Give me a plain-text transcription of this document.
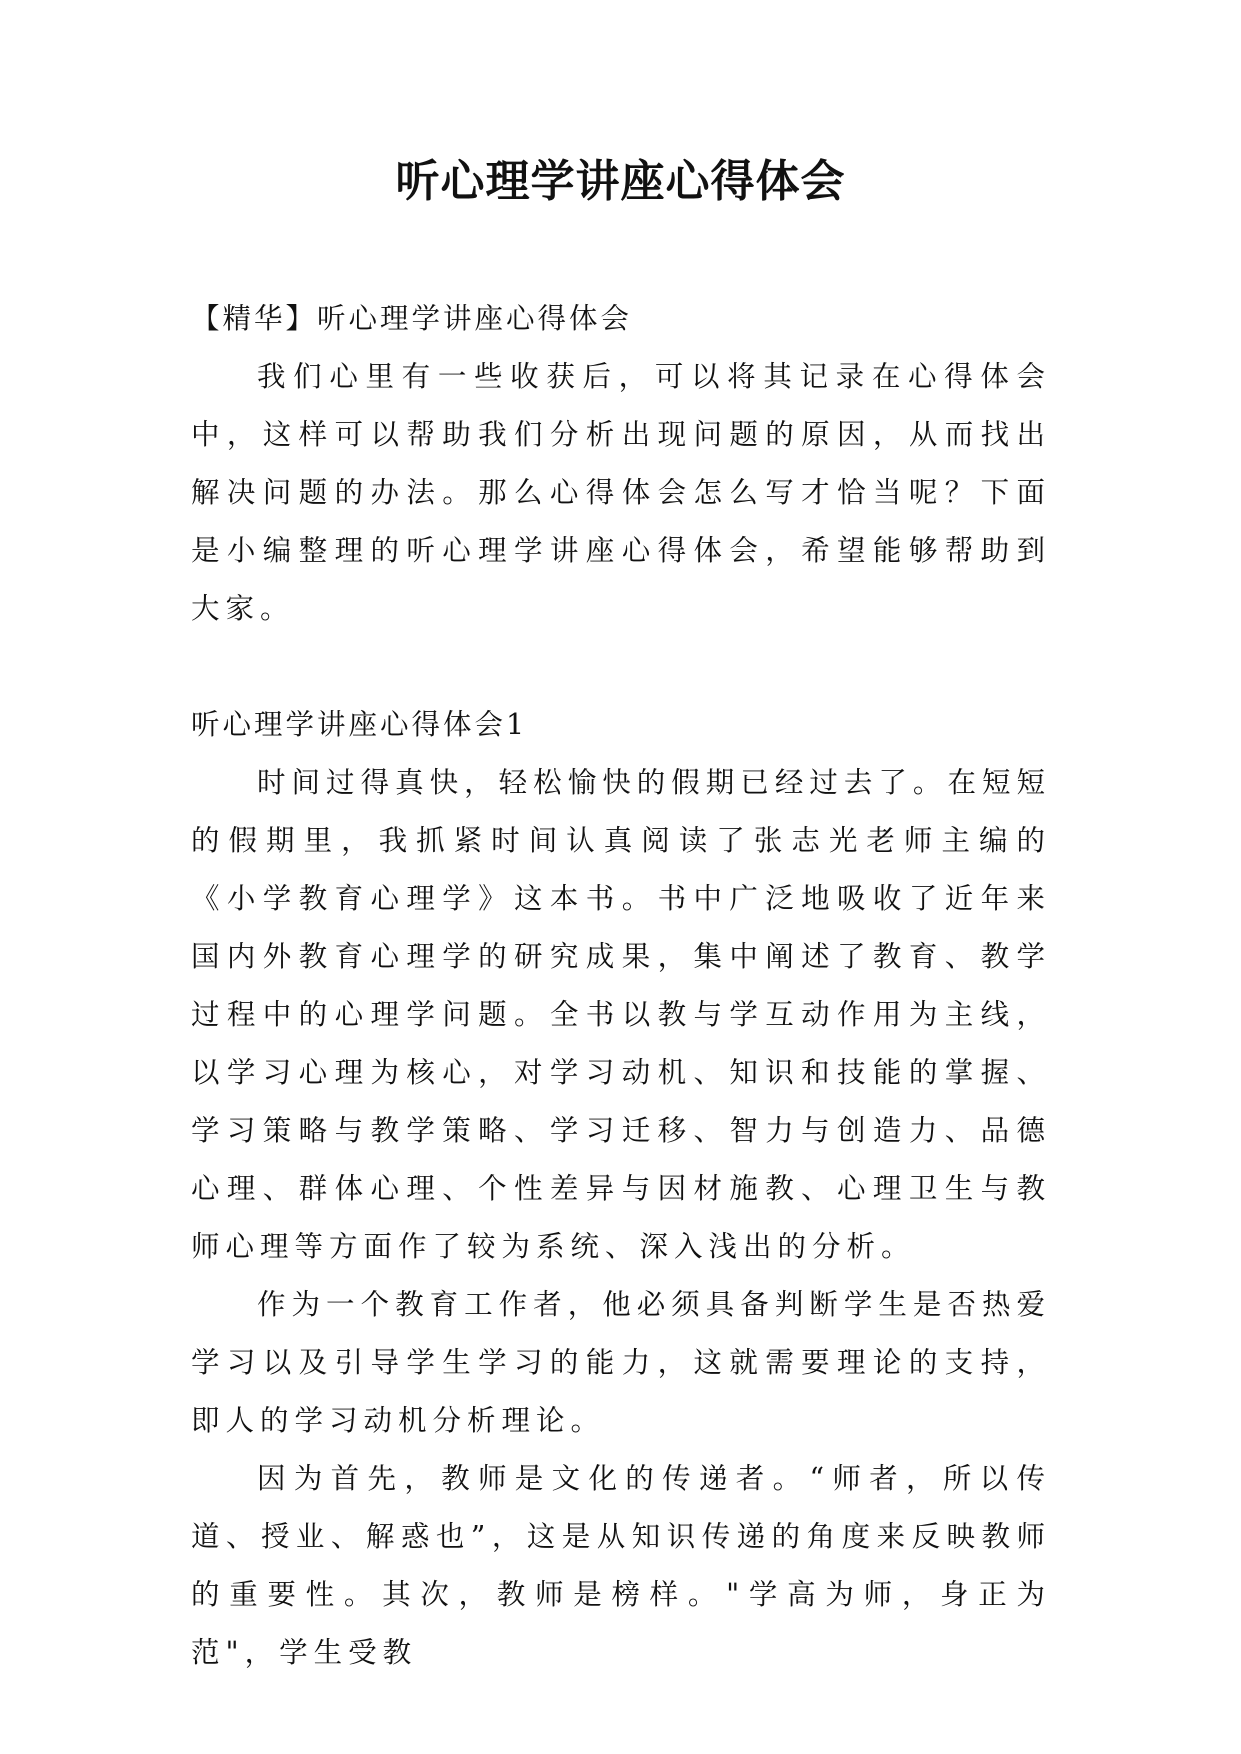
听心理学讲座心得体会

【精华】听心理学讲座心得体会

我们心里有一些收获后，可以将其记录在心得体会中，这样可以帮助我们分析出现问题的原因，从而找出解决问题的办法。那么心得体会怎么写才恰当呢？下面是小编整理的听心理学讲座心得体会，希望能够帮助到大家。

听心理学讲座心得体会1

时间过得真快，轻松愉快的假期已经过去了。在短短的假期里，我抓紧时间认真阅读了张志光老师主编的《小学教育心理学》这本书。书中广泛地吸收了近年来国内外教育心理学的研究成果，集中阐述了教育、教学过程中的心理学问题。全书以教与学互动作用为主线，以学习心理为核心，对学习动机、知识和技能的掌握、学习策略与教学策略、学习迁移、智力与创造力、品德心理、群体心理、个性差异与因材施教、心理卫生与教师心理等方面作了较为系统、深入浅出的分析。

作为一个教育工作者，他必须具备判断学生是否热爱学习以及引导学生学习的能力，这就需要理论的支持，即人的学习动机分析理论。

因为首先，教师是文化的传递者。“师者，所以传道、授业、解惑也”，这是从知识传递的角度来反映教师的重要性。其次，教师是榜样。"学高为师，身正为范"，学生受教
